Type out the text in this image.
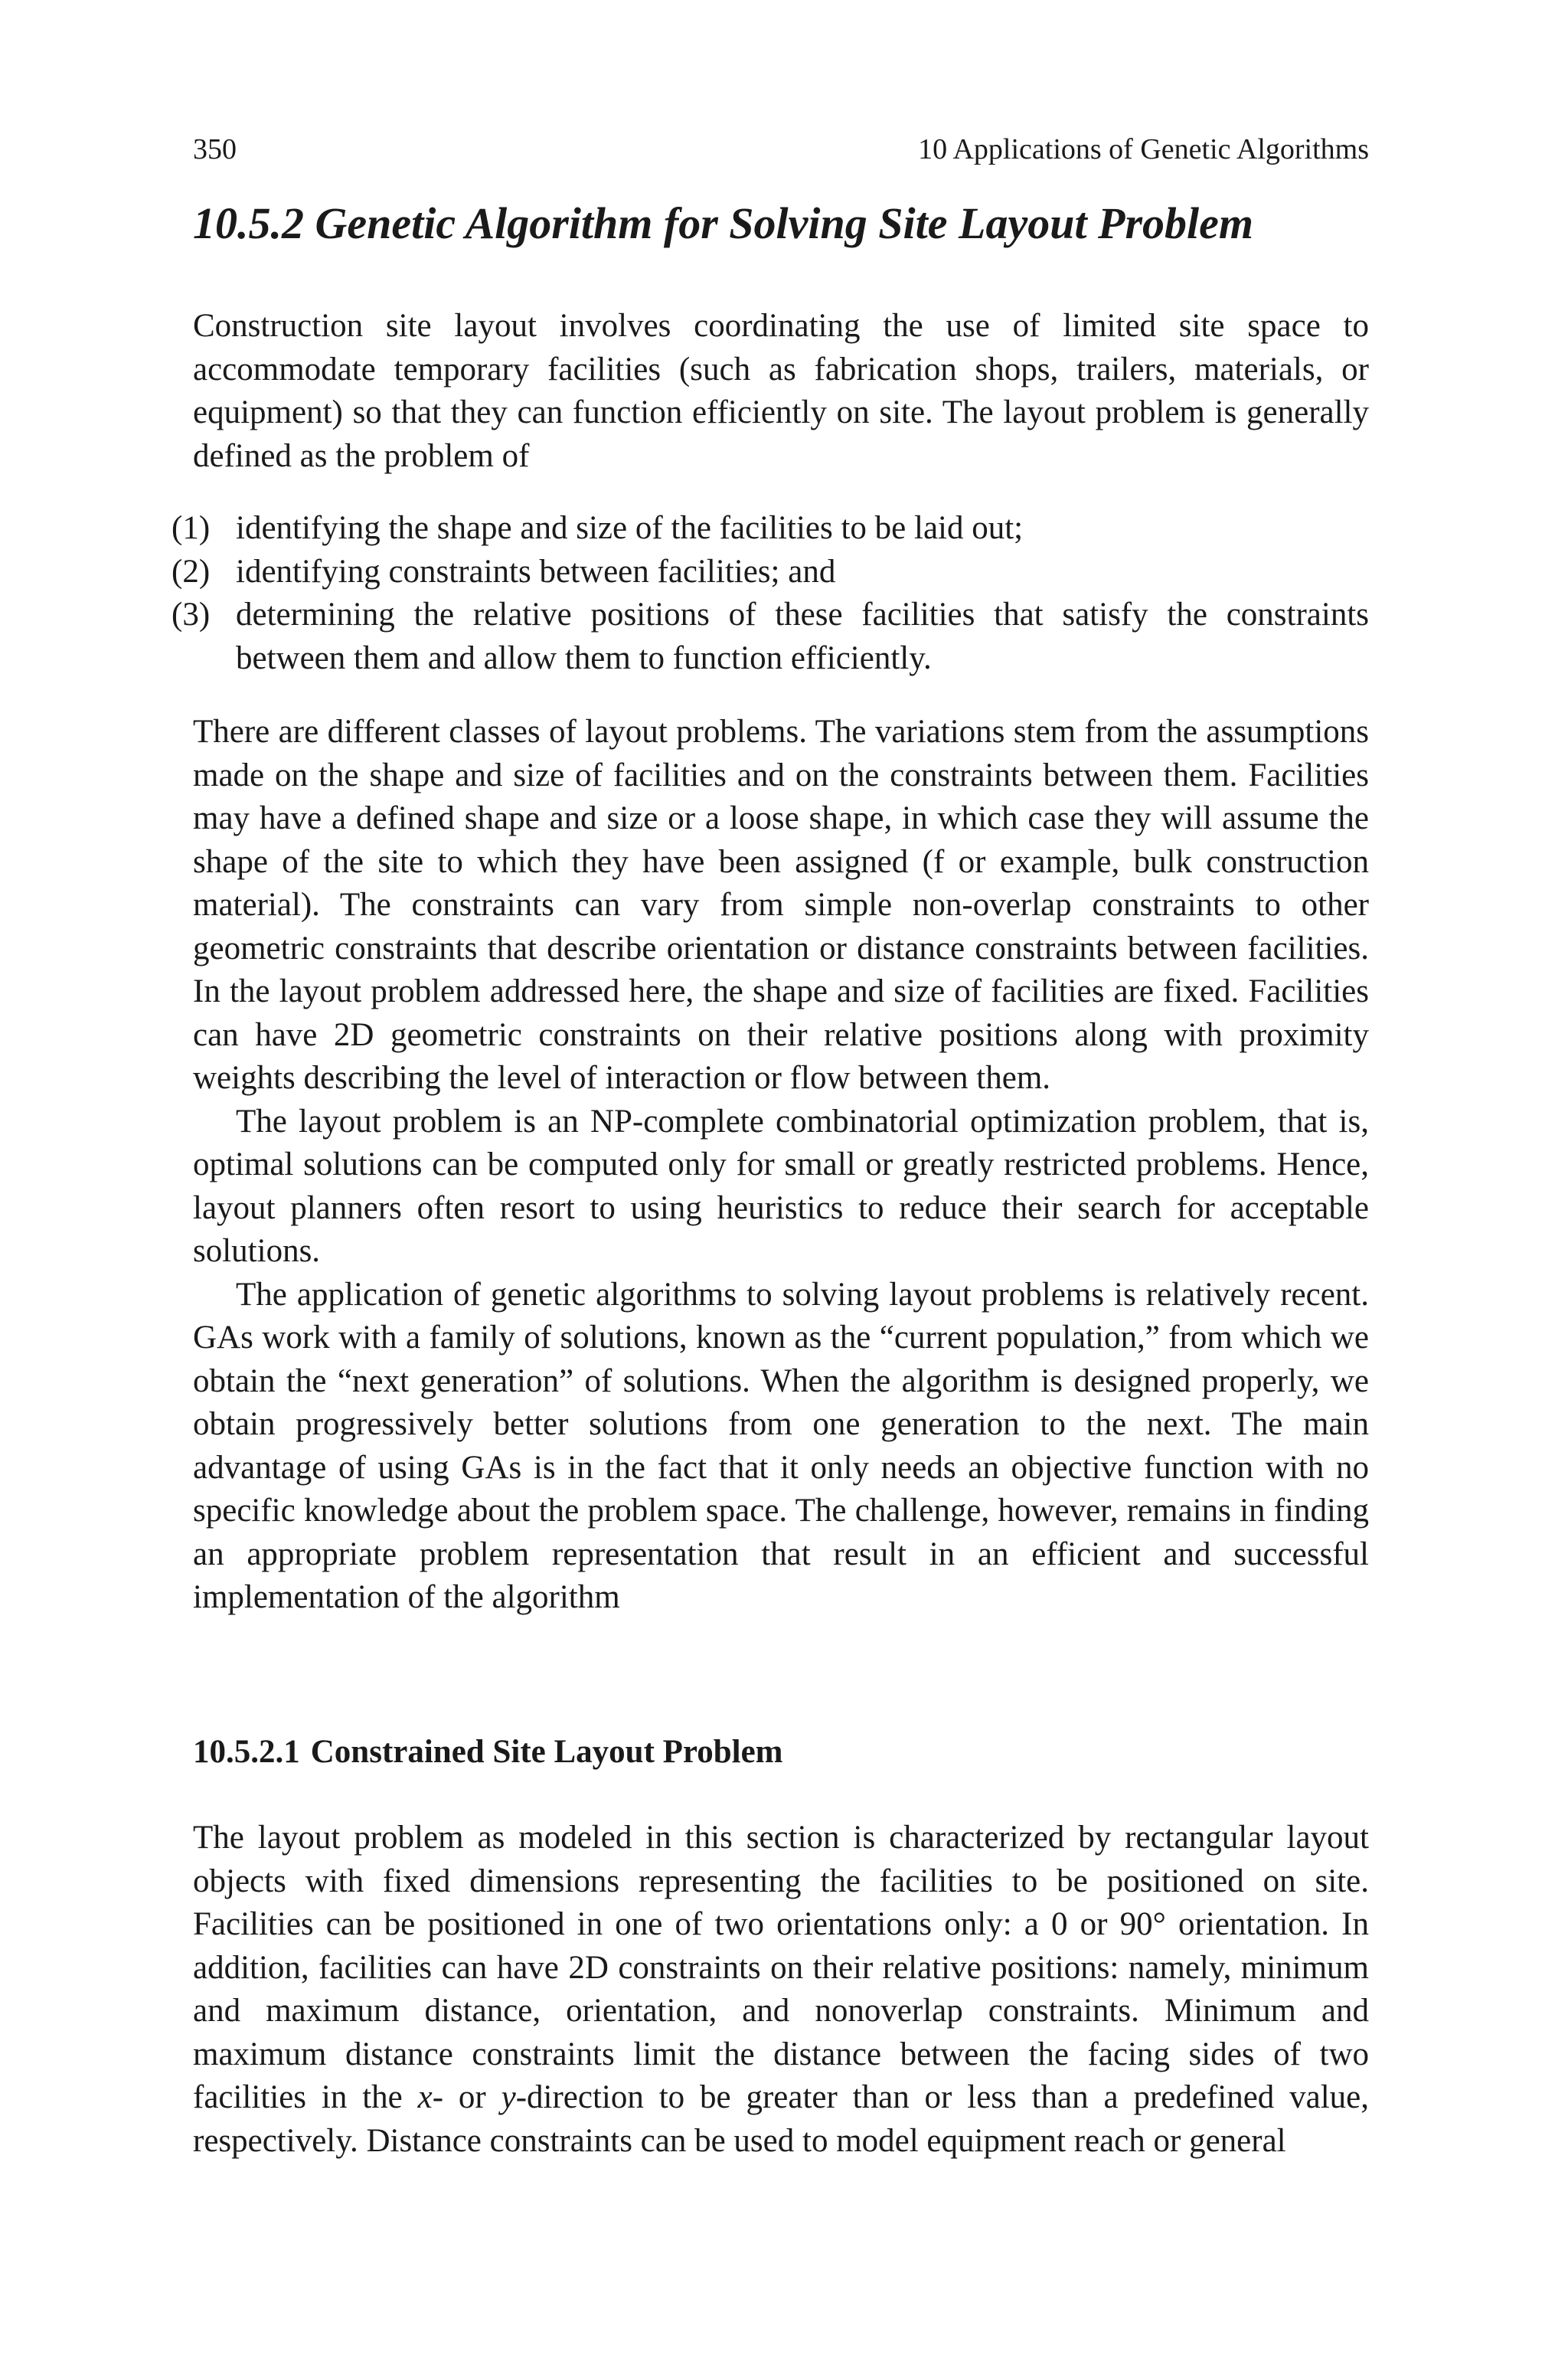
350	10 Applications of Genetic Algorithms
10.5.2 Genetic Algorithm for Solving Site Layout Problem

Construction site layout involves coordinating the use of limited site space to accommodate temporary facilities (such as fabrication shops, trailers, materials, or equipment) so that they can function efficiently on site. The layout problem is generally defined as the problem of

(1) identifying the shape and size of the facilities to be laid out;
(2) identifying constraints between facilities; and
(3) determining the relative positions of these facilities that satisfy the constraints between them and allow them to function efficiently.

There are different classes of layout problems. The variations stem from the assumptions made on the shape and size of facilities and on the constraints between them. Facilities may have a defined shape and size or a loose shape, in which case they will assume the shape of the site to which they have been assigned (f or example, bulk construction material). The constraints can vary from simple non-overlap constraints to other geometric constraints that describe orientation or distance constraints between facilities. In the layout problem addressed here, the shape and size of facilities are fixed. Facilities can have 2D geometric constraints on their relative positions along with proximity weights describing the level of interaction or flow between them.

The layout problem is an NP-complete combinatorial optimization problem, that is, optimal solutions can be computed only for small or greatly restricted problems. Hence, layout planners often resort to using heuristics to reduce their search for acceptable solutions.

The application of genetic algorithms to solving layout problems is relatively recent. GAs work with a family of solutions, known as the “current population,” from which we obtain the “next generation” of solutions. When the algorithm is designed properly, we obtain progressively better solutions from one generation to the next. The main advantage of using GAs is in the fact that it only needs an objective function with no specific knowledge about the problem space. The challenge, however, remains in finding an appropriate problem representation that result in an efficient and successful implementation of the algorithm

10.5.2.1 Constrained Site Layout Problem

The layout problem as modeled in this section is characterized by rectangular layout objects with fixed dimensions representing the facilities to be positioned on site. Facilities can be positioned in one of two orientations only: a 0 or 90° orientation. In addition, facilities can have 2D constraints on their relative positions: namely, minimum and maximum distance, orientation, and nonoverlap constraints. Minimum and maximum distance constraints limit the distance between the facing sides of two facilities in the x- or y-direction to be greater than or less than a predefined value, respectively. Distance constraints can be used to model equipment reach or general
